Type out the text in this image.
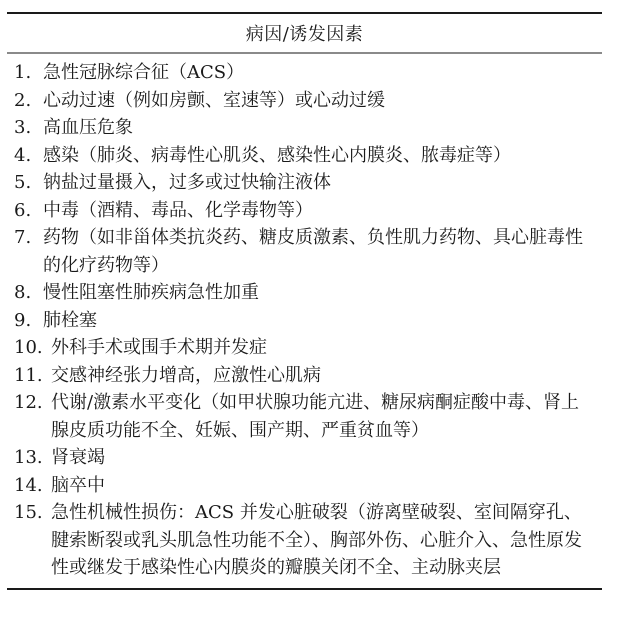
病因/诱发因素
1. 急性冠脉综合征（ACS）
2. 心动过速（例如房颤、室速等）或心动过缓
3. 高血压危象
4. 感染（肺炎、病毒性心肌炎、感染性心内膜炎、脓毒症等）
5. 钠盐过量摄入，过多或过快输注液体
6. 中毒（酒精、毒品、化学毒物等）
7. 药物（如非甾体类抗炎药、糖皮质激素、负性肌力药物、具心脏毒性的化疗药物等）
8. 慢性阻塞性肺疾病急性加重
9. 肺栓塞
10. 外科手术或围手术期并发症
11. 交感神经张力增高，应激性心肌病
12. 代谢/激素水平变化（如甲状腺功能亢进、糖尿病酮症酸中毒、肾上腺皮质功能不全、妊娠、围产期、严重贫血等）
13. 肾衰竭
14. 脑卒中
15. 急性机械性损伤：ACS 并发心脏破裂（游离壁破裂、室间隔穿孔、腱索断裂或乳头肌急性功能不全）、胸部外伤、心脏介入、急性原发性或继发于感染性心内膜炎的瓣膜关闭不全、主动脉夹层
